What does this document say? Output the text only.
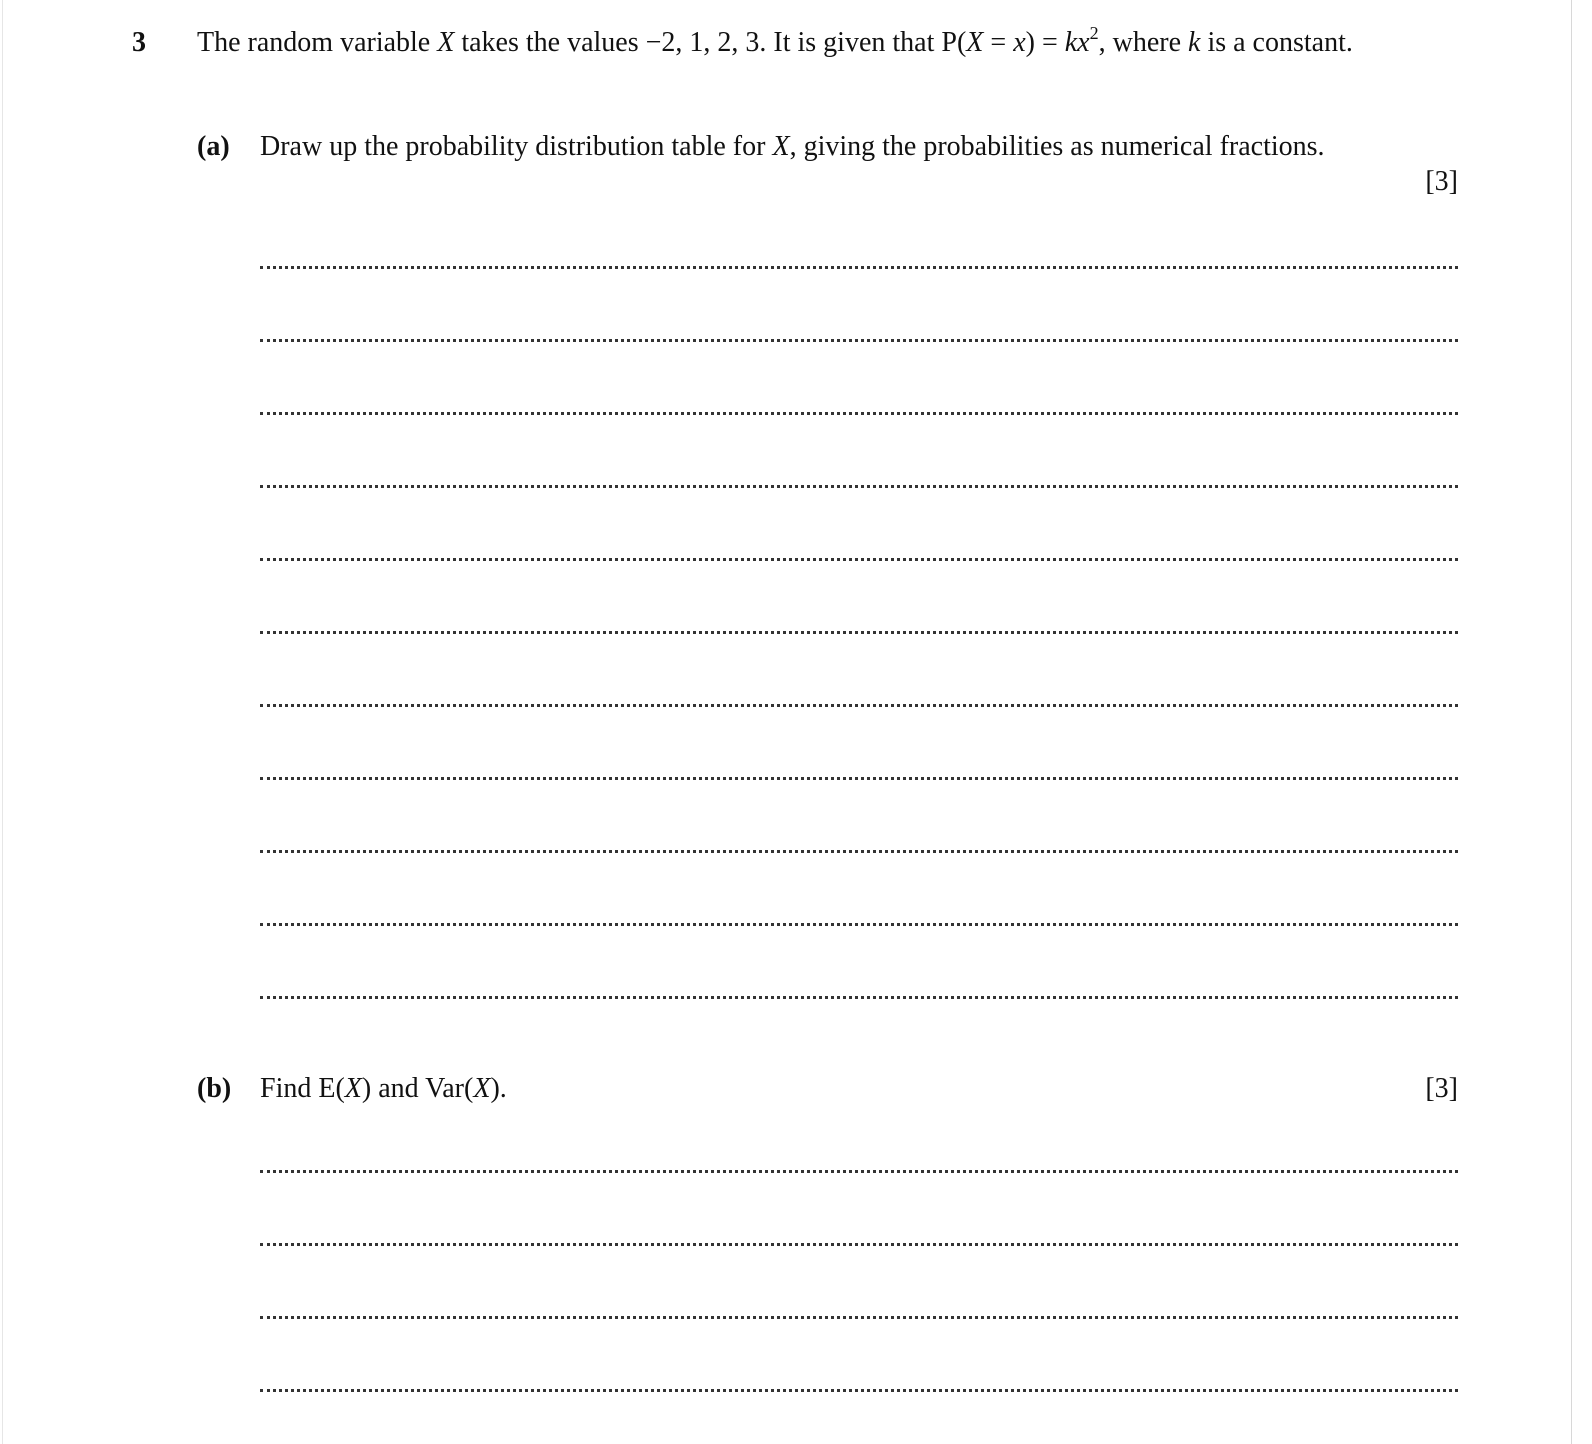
3 The random variable X takes the values −2, 1, 2, 3. It is given that $P(X = x) = kx^2$, where k is a constant.
(a) Draw up the probability distribution table for X, giving the probabilities as numerical fractions.
[3]
(b) Find E(X) and Var(X).	[3]
